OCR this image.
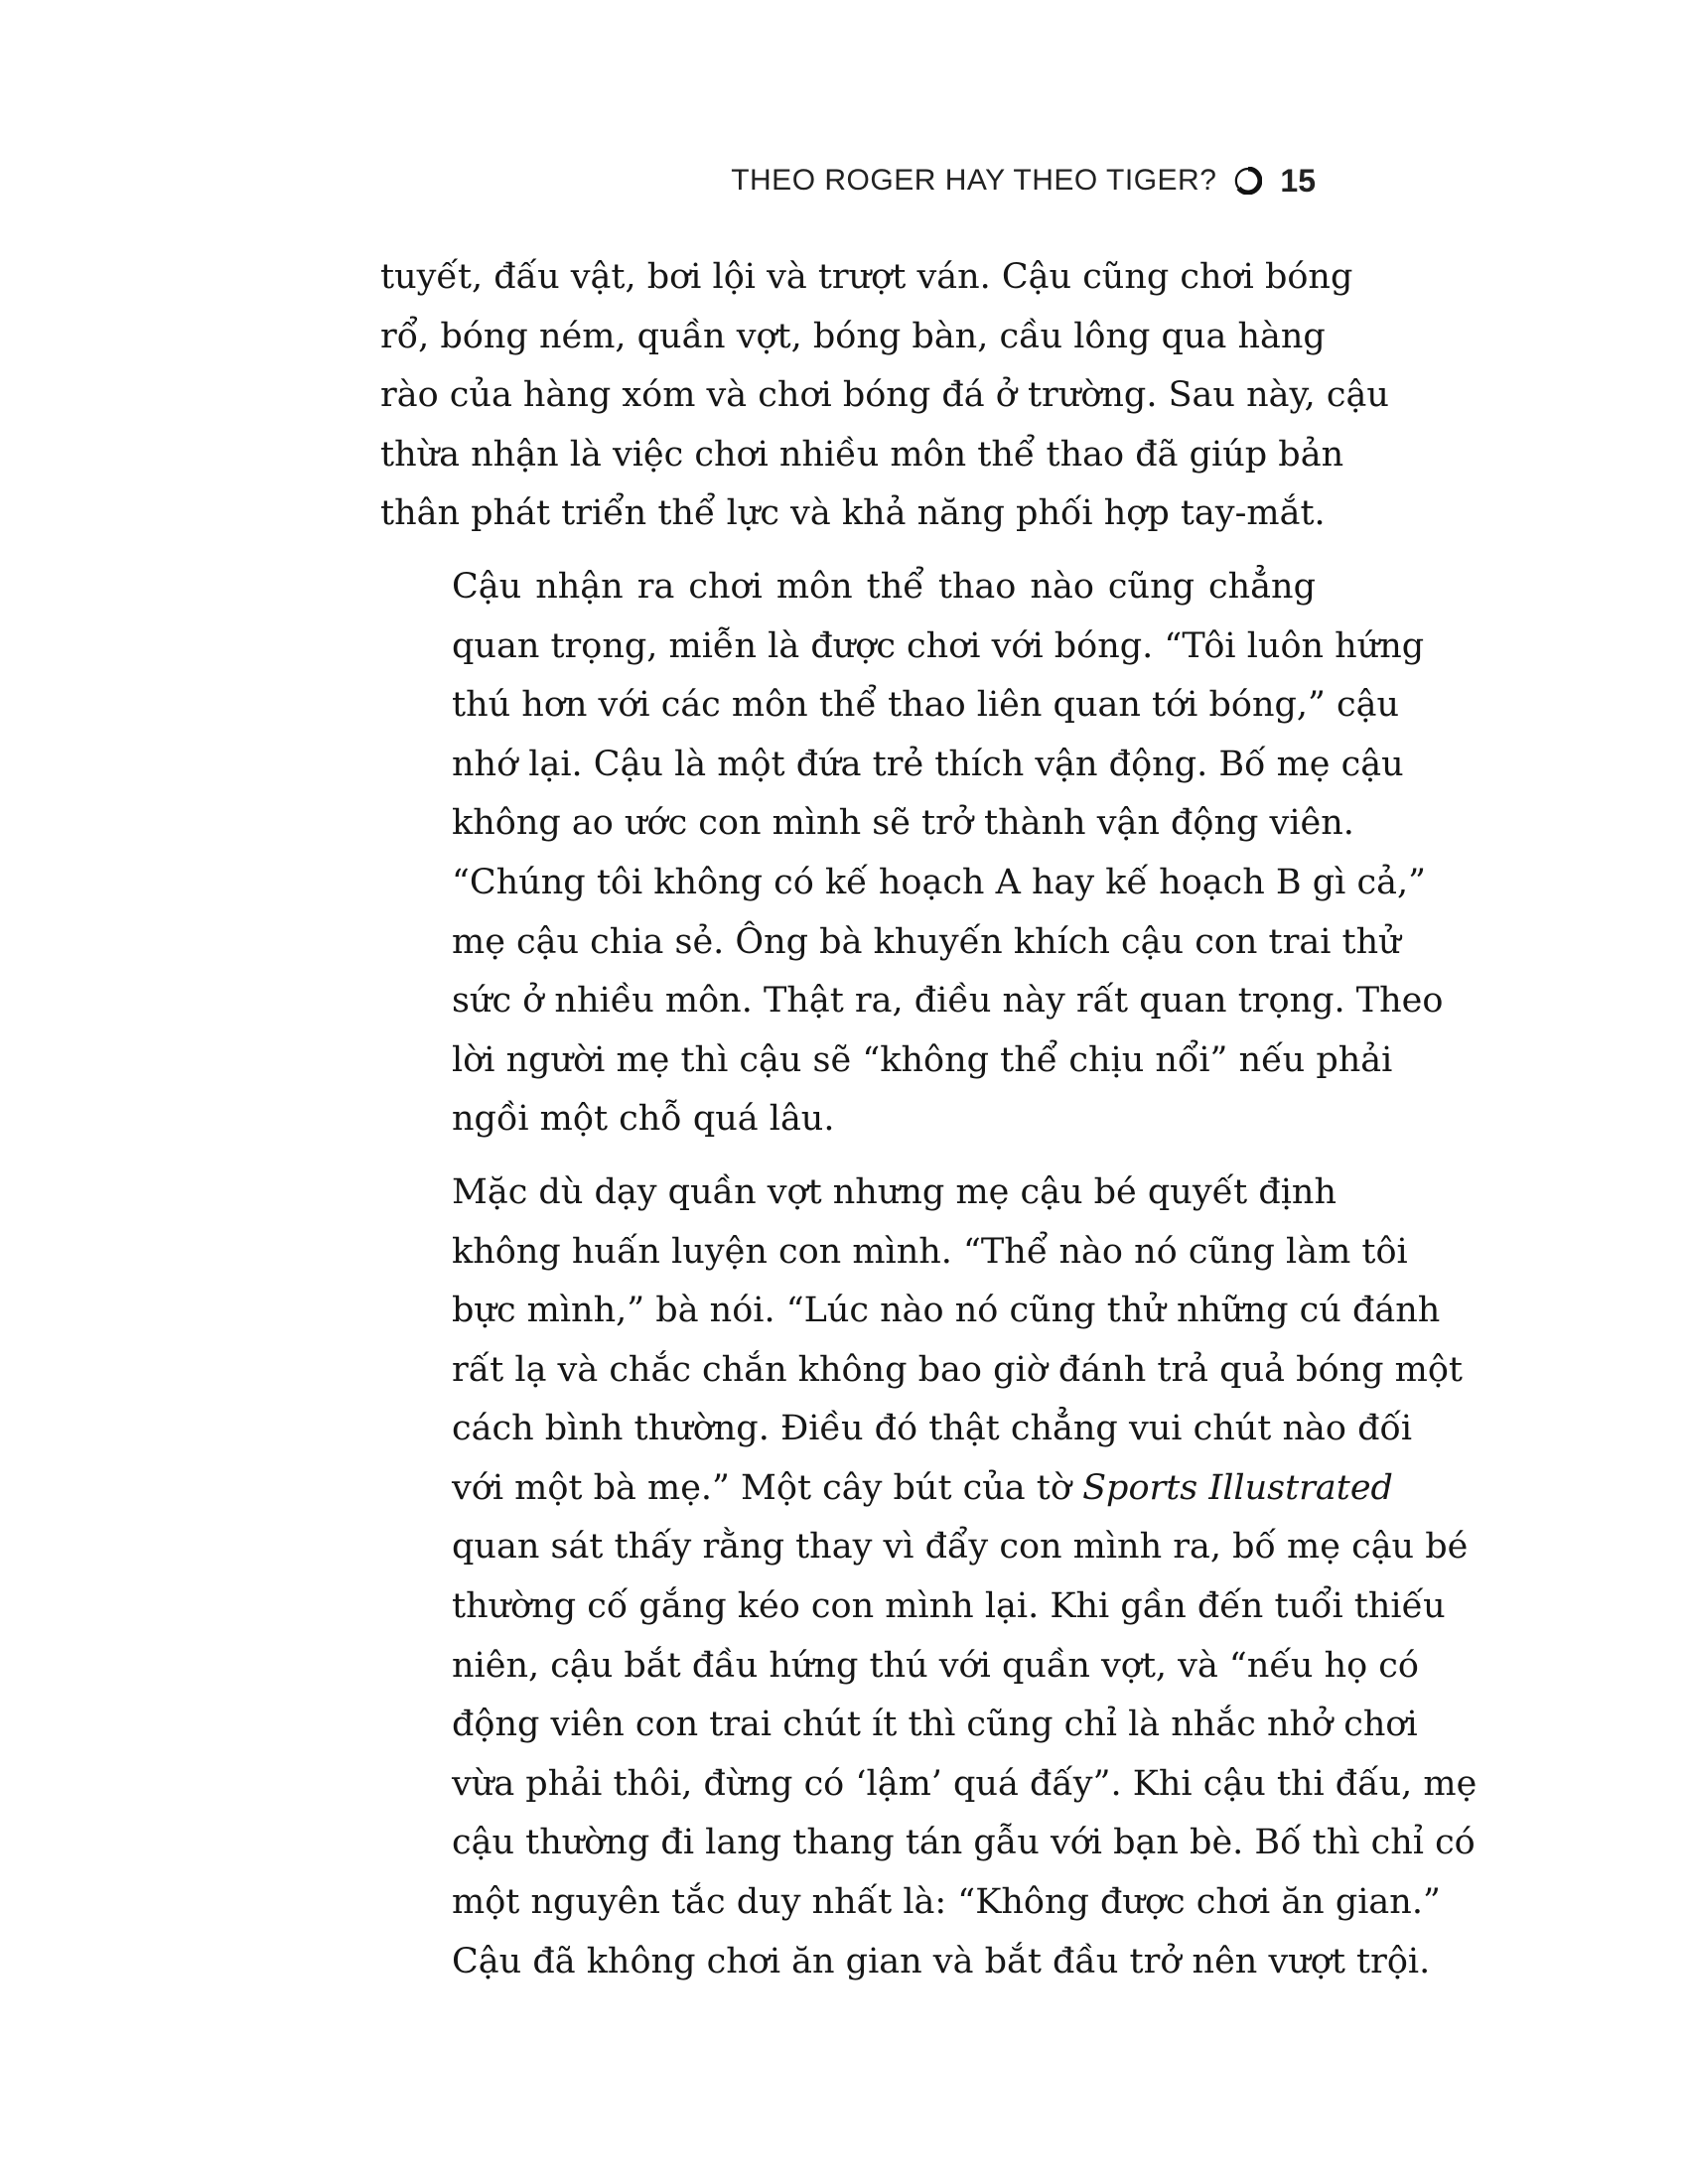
THEO ROGER HAY THEO TIGER? 15

tuyết, đấu vật, bơi lội và trượt ván. Cậu cũng chơi bóng
rổ, bóng ném, quần vợt, bóng bàn, cầu lông qua hàng
rào của hàng xóm và chơi bóng đá ở trường. Sau này, cậu
thừa nhận là việc chơi nhiều môn thể thao đã giúp bản
thân phát triển thể lực và khả năng phối hợp tay-mắt.

Cậu nhận ra chơi môn thể thao nào cũng chẳng
quan trọng, miễn là được chơi với bóng. “Tôi luôn hứng
thú hơn với các môn thể thao liên quan tới bóng,” cậu
nhớ lại. Cậu là một đứa trẻ thích vận động. Bố mẹ cậu
không ao ước con mình sẽ trở thành vận động viên.
“Chúng tôi không có kế hoạch A hay kế hoạch B gì cả,”
mẹ cậu chia sẻ. Ông bà khuyến khích cậu con trai thử
sức ở nhiều môn. Thật ra, điều này rất quan trọng. Theo
lời người mẹ thì cậu sẽ “không thể chịu nổi” nếu phải
ngồi một chỗ quá lâu.

Mặc dù dạy quần vợt nhưng mẹ cậu bé quyết định
không huấn luyện con mình. “Thể nào nó cũng làm tôi
bực mình,” bà nói. “Lúc nào nó cũng thử những cú đánh
rất lạ và chắc chắn không bao giờ đánh trả quả bóng một
cách bình thường. Điều đó thật chẳng vui chút nào đối
với một bà mẹ.” Một cây bút của tờ Sports Illustrated
quan sát thấy rằng thay vì đẩy con mình ra, bố mẹ cậu bé
thường cố gắng kéo con mình lại. Khi gần đến tuổi thiếu
niên, cậu bắt đầu hứng thú với quần vợt, và “nếu họ có
động viên con trai chút ít thì cũng chỉ là nhắc nhở chơi
vừa phải thôi, đừng có ‘lậm’ quá đấy”. Khi cậu thi đấu, mẹ
cậu thường đi lang thang tán gẫu với bạn bè. Bố thì chỉ có
một nguyên tắc duy nhất là: “Không được chơi ăn gian.”
Cậu đã không chơi ăn gian và bắt đầu trở nên vượt trội.
